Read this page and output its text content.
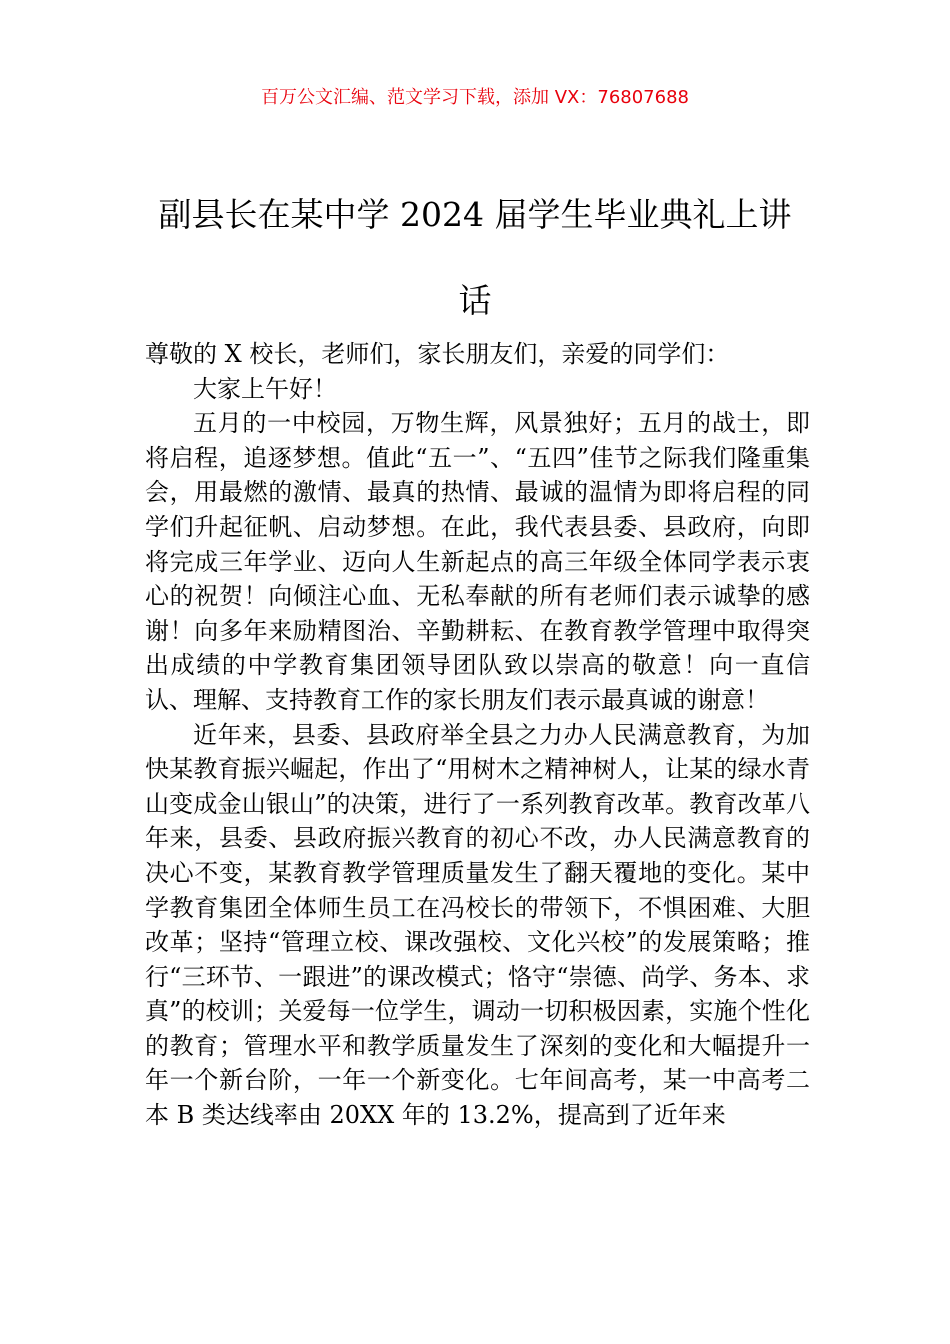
百万公文汇编、范文学习下载，添加 VX：76807688
副县长在某中学 2024 届学生毕业典礼上讲
话

尊敬的 X 校长，老师们，家长朋友们，亲爱的同学们：

大家上午好！

五月的一中校园，万物生辉，风景独好；五月的战士，即将启程，追逐梦想。值此“五一”、“五四”佳节之际我们隆重集会，用最燃的激情、最真的热情、最诚的温情为即将启程的同学们升起征帆、启动梦想。在此，我代表县委、县政府，向即将完成三年学业、迈向人生新起点的高三年级全体同学表示衷心的祝贺！向倾注心血、无私奉献的所有老师们表示诚挚的感谢！向多年来励精图治、辛勤耕耘、在教育教学管理中取得突出成绩的中学教育集团领导团队致以崇高的敬意！向一直信认、理解、支持教育工作的家长朋友们表示最真诚的谢意！

近年来，县委、县政府举全县之力办人民满意教育，为加快某教育振兴崛起，作出了“用树木之精神树人，让某的绿水青山变成金山银山”的决策，进行了一系列教育改革。教育改革八年来，县委、县政府振兴教育的初心不改，办人民满意教育的决心不变，某教育教学管理质量发生了翻天覆地的变化。某中学教育集团全体师生员工在冯校长的带领下，不惧困难、大胆改革；坚持“管理立校、课改强校、文化兴校”的发展策略；推行“三环节、一跟进”的课改模式；恪守“崇德、尚学、务本、求真”的校训；关爱每一位学生，调动一切积极因素，实施个性化的教育；管理水平和教学质量发生了深刻的变化和大幅提升一年一个新台阶，一年一个新变化。七年间高考，某一中高考二本 B 类达线率由 20XX 年的 13.2%，提高到了近年来
